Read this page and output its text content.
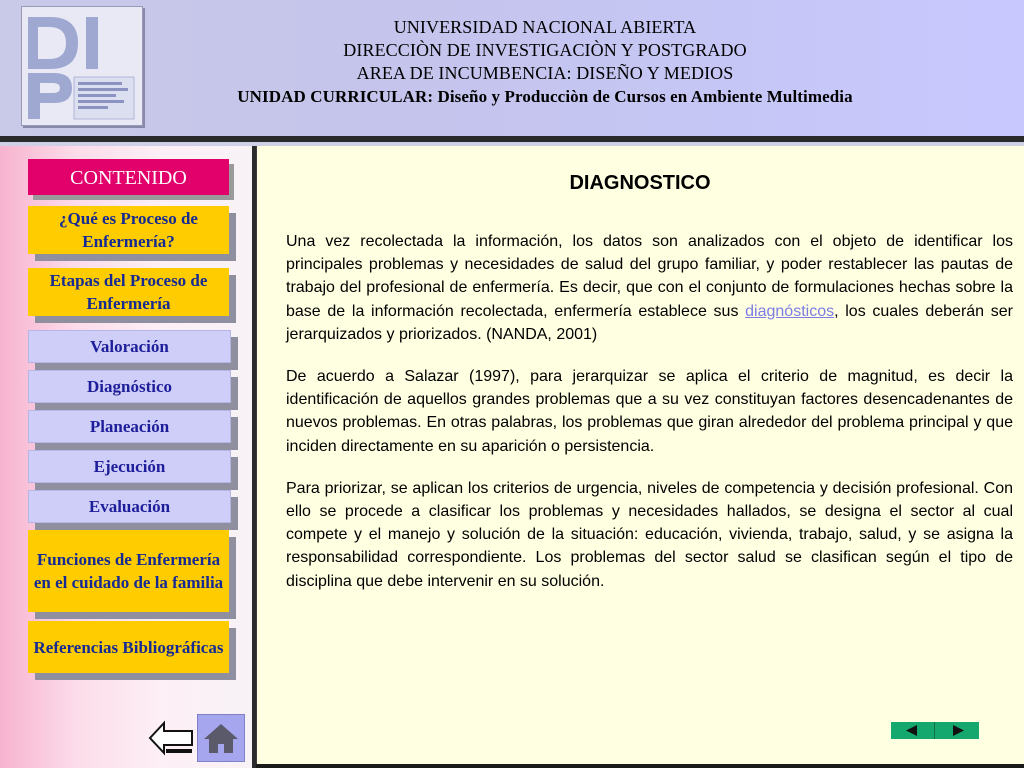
UNIVERSIDAD NACIONAL ABIERTA
DIRECCIÒN DE INVESTIGACIÒN Y POSTGRADO
AREA DE INCUMBENCIA: DISEÑO Y MEDIOS
UNIDAD CURRICULAR: Diseño y Producciòn de Cursos en Ambiente Multimedia
CONTENIDO
¿Qué es Proceso de Enfermería?
Etapas del Proceso de Enfermería
Valoración
Diagnóstico
Planeación
Ejecución
Evaluación
Funciones de Enfermería en el cuidado de la familia
Referencias Bibliográficas
DIAGNOSTICO

Una vez recolectada la información, los datos son analizados con el objeto de identificar los principales problemas y necesidades de salud del grupo familiar, y poder restablecer las pautas de trabajo del profesional de enfermería. Es decir, que con el conjunto de formulaciones hechas sobre la base de la información recolectada, enfermería establece sus diagnósticos, los cuales deberán ser jerarquizados y priorizados. (NANDA, 2001)

De acuerdo a Salazar (1997), para jerarquizar se aplica el criterio de magnitud, es decir la identificación de aquellos grandes problemas que a su vez constituyan factores desencadenantes de nuevos problemas. En otras palabras, los problemas que giran alrededor del problema principal y que inciden directamente en su aparición o persistencia.

Para priorizar, se aplican los criterios de urgencia, niveles de competencia y decisión profesional. Con ello se procede a clasificar los problemas y necesidades hallados, se designa el sector al cual compete y el manejo y solución de la situación: educación, vivienda, trabajo, salud, y se asigna la responsabilidad correspondiente. Los problemas del sector salud se clasifican según el tipo de disciplina que debe intervenir en su solución.
